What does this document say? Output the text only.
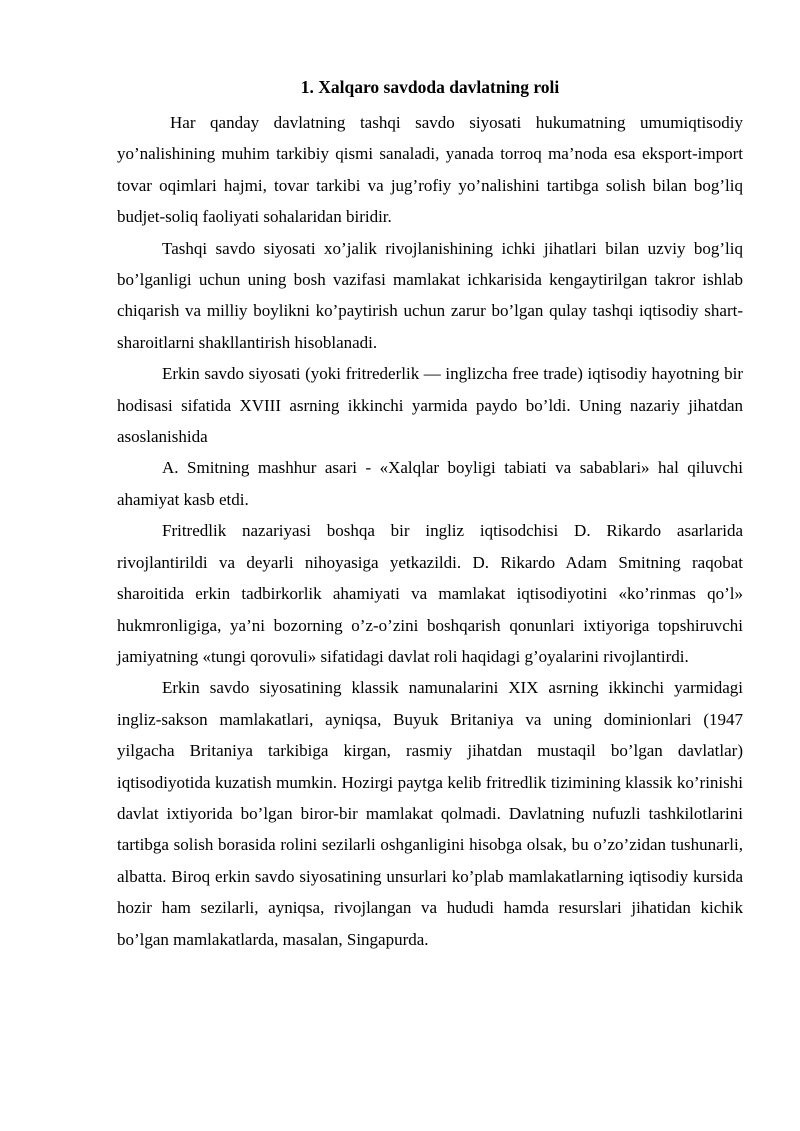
1. Xalqaro savdoda davlatning roli

Har qanday davlatning tashqi savdo siyosati hukumatning umumiqtisodiy yo’nalishining muhim tarkibiy qismi sanaladi, yanada torroq ma’noda esa eksport-import tovar oqimlari hajmi, tovar tarkibi va jug’rofiy yo’nalishini tartibga solish bilan bog’liq budjet-soliq faoliyati sohalaridan biridir.

Tashqi savdo siyosati xo’jalik rivojlanishining ichki jihatlari bilan uzviy bog’liq bo’lganligi uchun uning bosh vazifasi mamlakat ichkarisida kengaytirilgan takror ishlab chiqarish va milliy boylikni ko’paytirish uchun zarur bo’lgan qulay tashqi iqtisodiy shart-sharoitlarni shakllantirish hisoblanadi.

Erkin savdo siyosati (yoki fritrederlik — inglizcha free trade) iqtisodiy hayotning bir hodisasi sifatida XVIII asrning ikkinchi yarmida paydo bo’ldi. Uning nazariy jihatdan asoslanishida

A. Smitning mashhur asari - «Xalqlar boyligi tabiati va sabablari» hal qiluvchi ahamiyat kasb etdi.

Fritredlik nazariyasi boshqa bir ingliz iqtisodchisi D. Rikardo asarlarida rivojlantirildi va deyarli nihoyasiga yetkazildi. D. Rikardo Adam Smitning raqobat sharoitida erkin tadbirkorlik ahamiyati va mamlakat iqtisodiyotini «ko’rinmas qo’l» hukmronligiga, ya’ni bozorning o’z-o’zini boshqarish qonunlari ixtiyoriga topshiruvchi jamiyatning «tungi qorovuli» sifatidagi davlat roli haqidagi g’oyalarini rivojlantirdi.

Erkin savdo siyosatining klassik namunalarini XIX asrning ikkinchi yarmidagi ingliz-sakson mamlakatlari, ayniqsa, Buyuk Britaniya va uning dominionlari (1947 yilgacha Britaniya tarkibiga kirgan, rasmiy jihatdan mustaqil bo’lgan davlatlar) iqtisodiyotida kuzatish mumkin. Hozirgi paytga kelib fritredlik tizimining klassik ko’rinishi davlat ixtiyorida bo’lgan biror-bir mamlakat qolmadi. Davlatning nufuzli tashkilotlarini tartibga solish borasida rolini sezilarli oshganligini hisobga olsak, bu o’zo’zidan tushunarli, albatta. Biroq erkin savdo siyosatining unsurlari ko’plab mamlakatlarning iqtisodiy kursida hozir ham sezilarli, ayniqsa, rivojlangan va hududi hamda resurslari jihatidan kichik bo’lgan mamlakatlarda, masalan, Singapurda.
